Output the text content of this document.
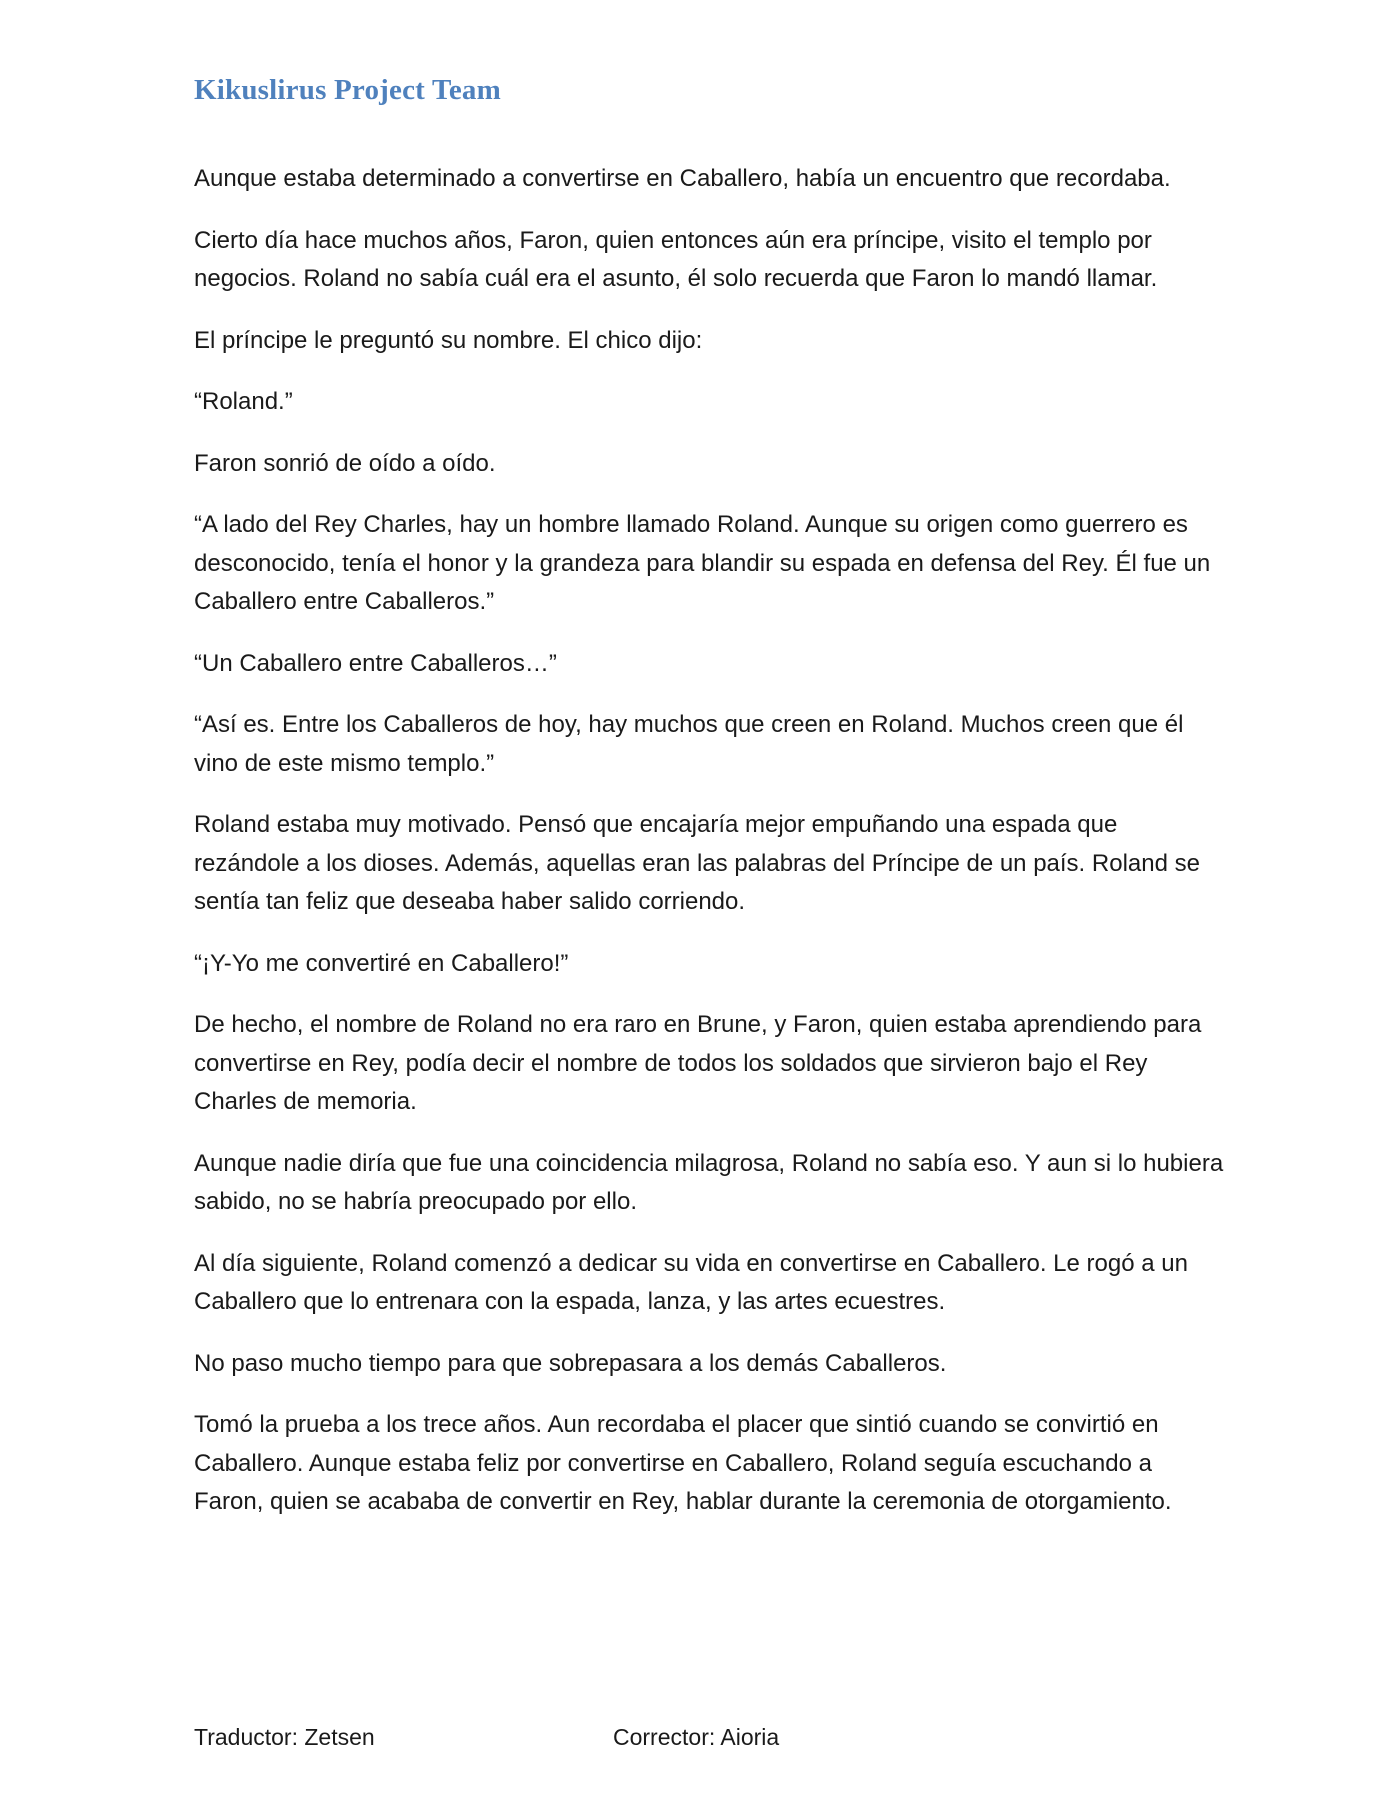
Kikuslirus Project Team

Aunque estaba determinado a convertirse en Caballero, había un encuentro que recordaba.

Cierto día hace muchos años, Faron, quien entonces aún era príncipe, visito el templo por negocios. Roland no sabía cuál era el asunto, él solo recuerda que Faron lo mandó llamar.

El príncipe le preguntó su nombre. El chico dijo:

“Roland.”

Faron sonrió de oído a oído.

“A lado del Rey Charles, hay un hombre llamado Roland. Aunque su origen como guerrero es desconocido, tenía el honor y la grandeza para blandir su espada en defensa del Rey. Él fue un Caballero entre Caballeros.”

“Un Caballero entre Caballeros…”

“Así es. Entre los Caballeros de hoy, hay muchos que creen en Roland. Muchos creen que él vino de este mismo templo.”

Roland estaba muy motivado. Pensó que encajaría mejor empuñando una espada que rezándole a los dioses. Además, aquellas eran las palabras del Príncipe de un país. Roland se sentía tan feliz que deseaba haber salido corriendo.

“¡Y-Yo me convertiré en Caballero!”

De hecho, el nombre de Roland no era raro en Brune, y Faron, quien estaba aprendiendo para convertirse en Rey, podía decir el nombre de todos los soldados que sirvieron bajo el Rey Charles de memoria.

Aunque nadie diría que fue una coincidencia milagrosa, Roland no sabía eso. Y aun si lo hubiera sabido, no se habría preocupado por ello.

Al día siguiente, Roland comenzó a dedicar su vida en convertirse en Caballero. Le rogó a un Caballero que lo entrenara con la espada, lanza, y las artes ecuestres.

No paso mucho tiempo para que sobrepasara a los demás Caballeros.

Tomó la prueba a los trece años. Aun recordaba el placer que sintió cuando se convirtió en Caballero. Aunque estaba feliz por convertirse en Caballero, Roland seguía escuchando a Faron, quien se acababa de convertir en Rey, hablar durante la ceremonia de otorgamiento.

Traductor: Zetsen	Corrector: Aioria
